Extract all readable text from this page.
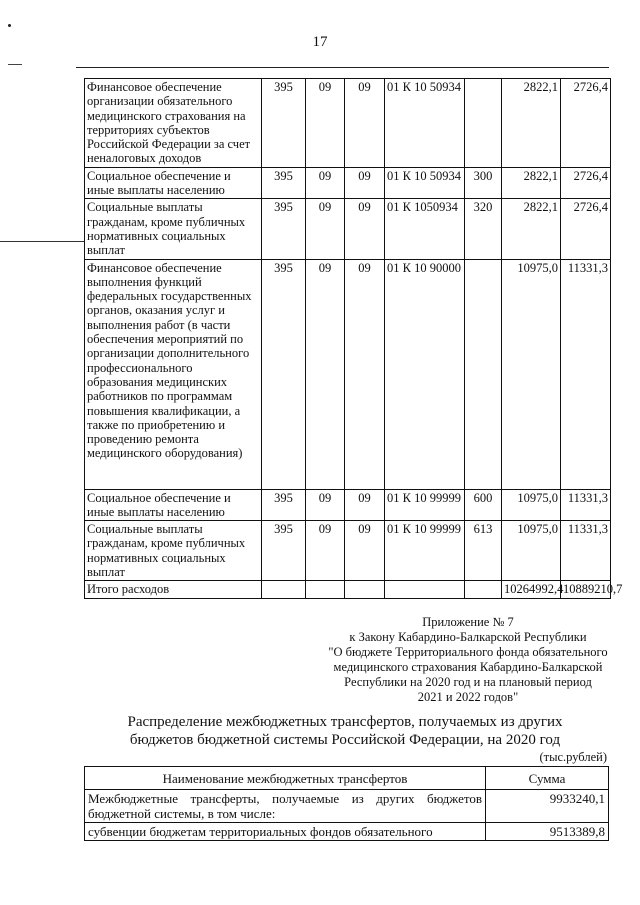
17
Финансовое обеспечение организации обязательного медицинского страхования на территориях субъектов Российской Федерации за счет неналоговых доходов	395	09	09	01 К 10 50934		2822,1	2726,4
Социальное обеспечение и иные выплаты населению	395	09	09	01 К 10 50934	300	2822,1	2726,4
Социальные выплаты гражданам, кроме публичных нормативных социальных выплат	395	09	09	01 К 1050934	320	2822,1	2726,4
Финансовое обеспечение выполнения функций федеральных государственных органов, оказания услуг и выполнения работ (в части обеспечения мероприятий по организации дополнительного профессионального образования медицинских работников по программам повышения квалификации, а также по приобретению и проведению ремонта медицинского оборудования)	395	09	09	01 К 10 90000		10975,0	11331,3
Социальное обеспечение и иные выплаты населению	395	09	09	01 К 10 99999	600	10975,0	11331,3
Социальные выплаты гражданам, кроме публичных нормативных социальных выплат	395	09	09	01 К 10 99999	613	10975,0	11331,3
Итого расходов						10264992,4	10889210,7
Приложение № 7
к Закону Кабардино-Балкарской Республики
"О бюджете Территориального фонда обязательного
медицинского страхования Кабардино-Балкарской
Республики на 2020 год и на плановый период
2021 и 2022 годов"
Распределение межбюджетных трансфертов, получаемых из других
бюджетов бюджетной системы Российской Федерации, на 2020 год
(тыс.рублей)
Наименование межбюджетных трансфертов	Сумма
Межбюджетные трансферты, получаемые из других бюджетов бюджетной системы, в том числе:	9933240,1
субвенции бюджетам территориальных фондов обязательного	9513389,8
